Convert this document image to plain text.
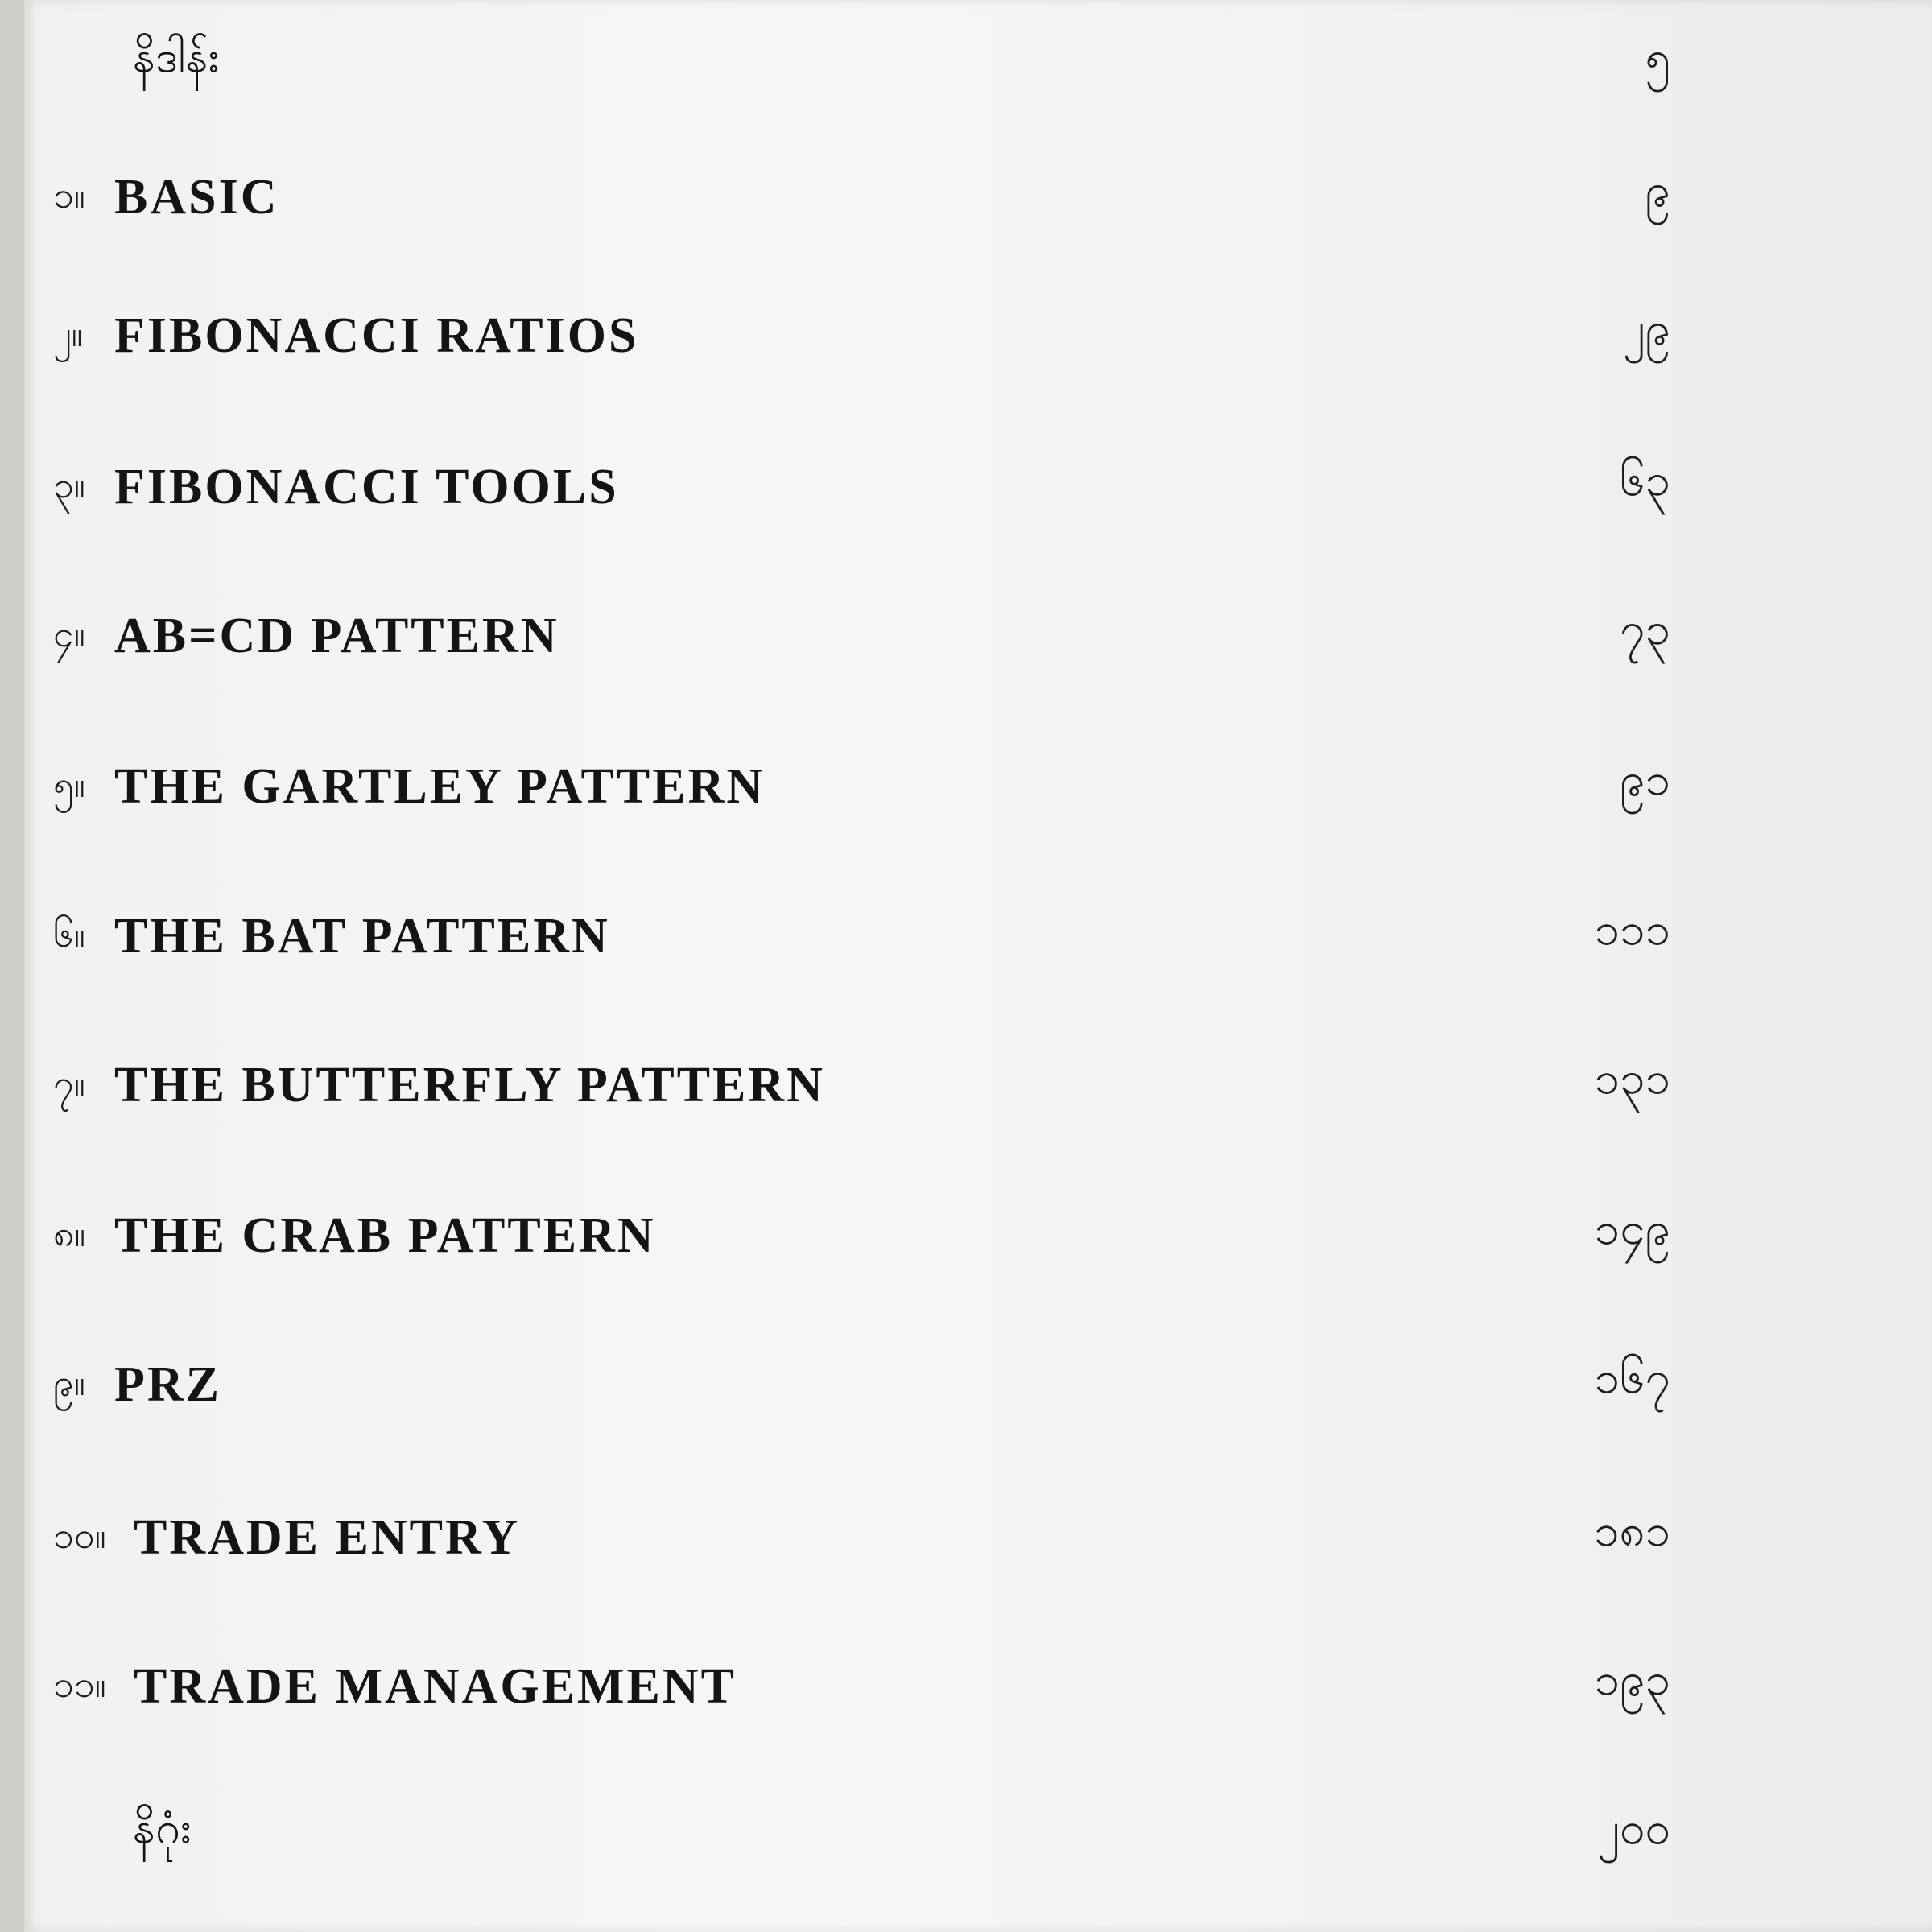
နိဒါန်း	၅
၁။ BASIC	၉
၂။ FIBONACCI RATIOS	၂၉
၃။ FIBONACCI TOOLS	၆၃
၄။ AB=CD PATTERN	၇၃
၅။ THE GARTLEY PATTERN	၉၁
၆။ THE BAT PATTERN	၁၁၁
၇။ THE BUTTERFLY PATTERN	၁၃၁
၈။ THE CRAB PATTERN	၁၄၉
၉။ PRZ	၁၆၇
၁၀။ TRADE ENTRY	၁၈၁
၁၁။ TRADE MANAGEMENT	၁၉၃
နိဂုံး	၂၀၀
